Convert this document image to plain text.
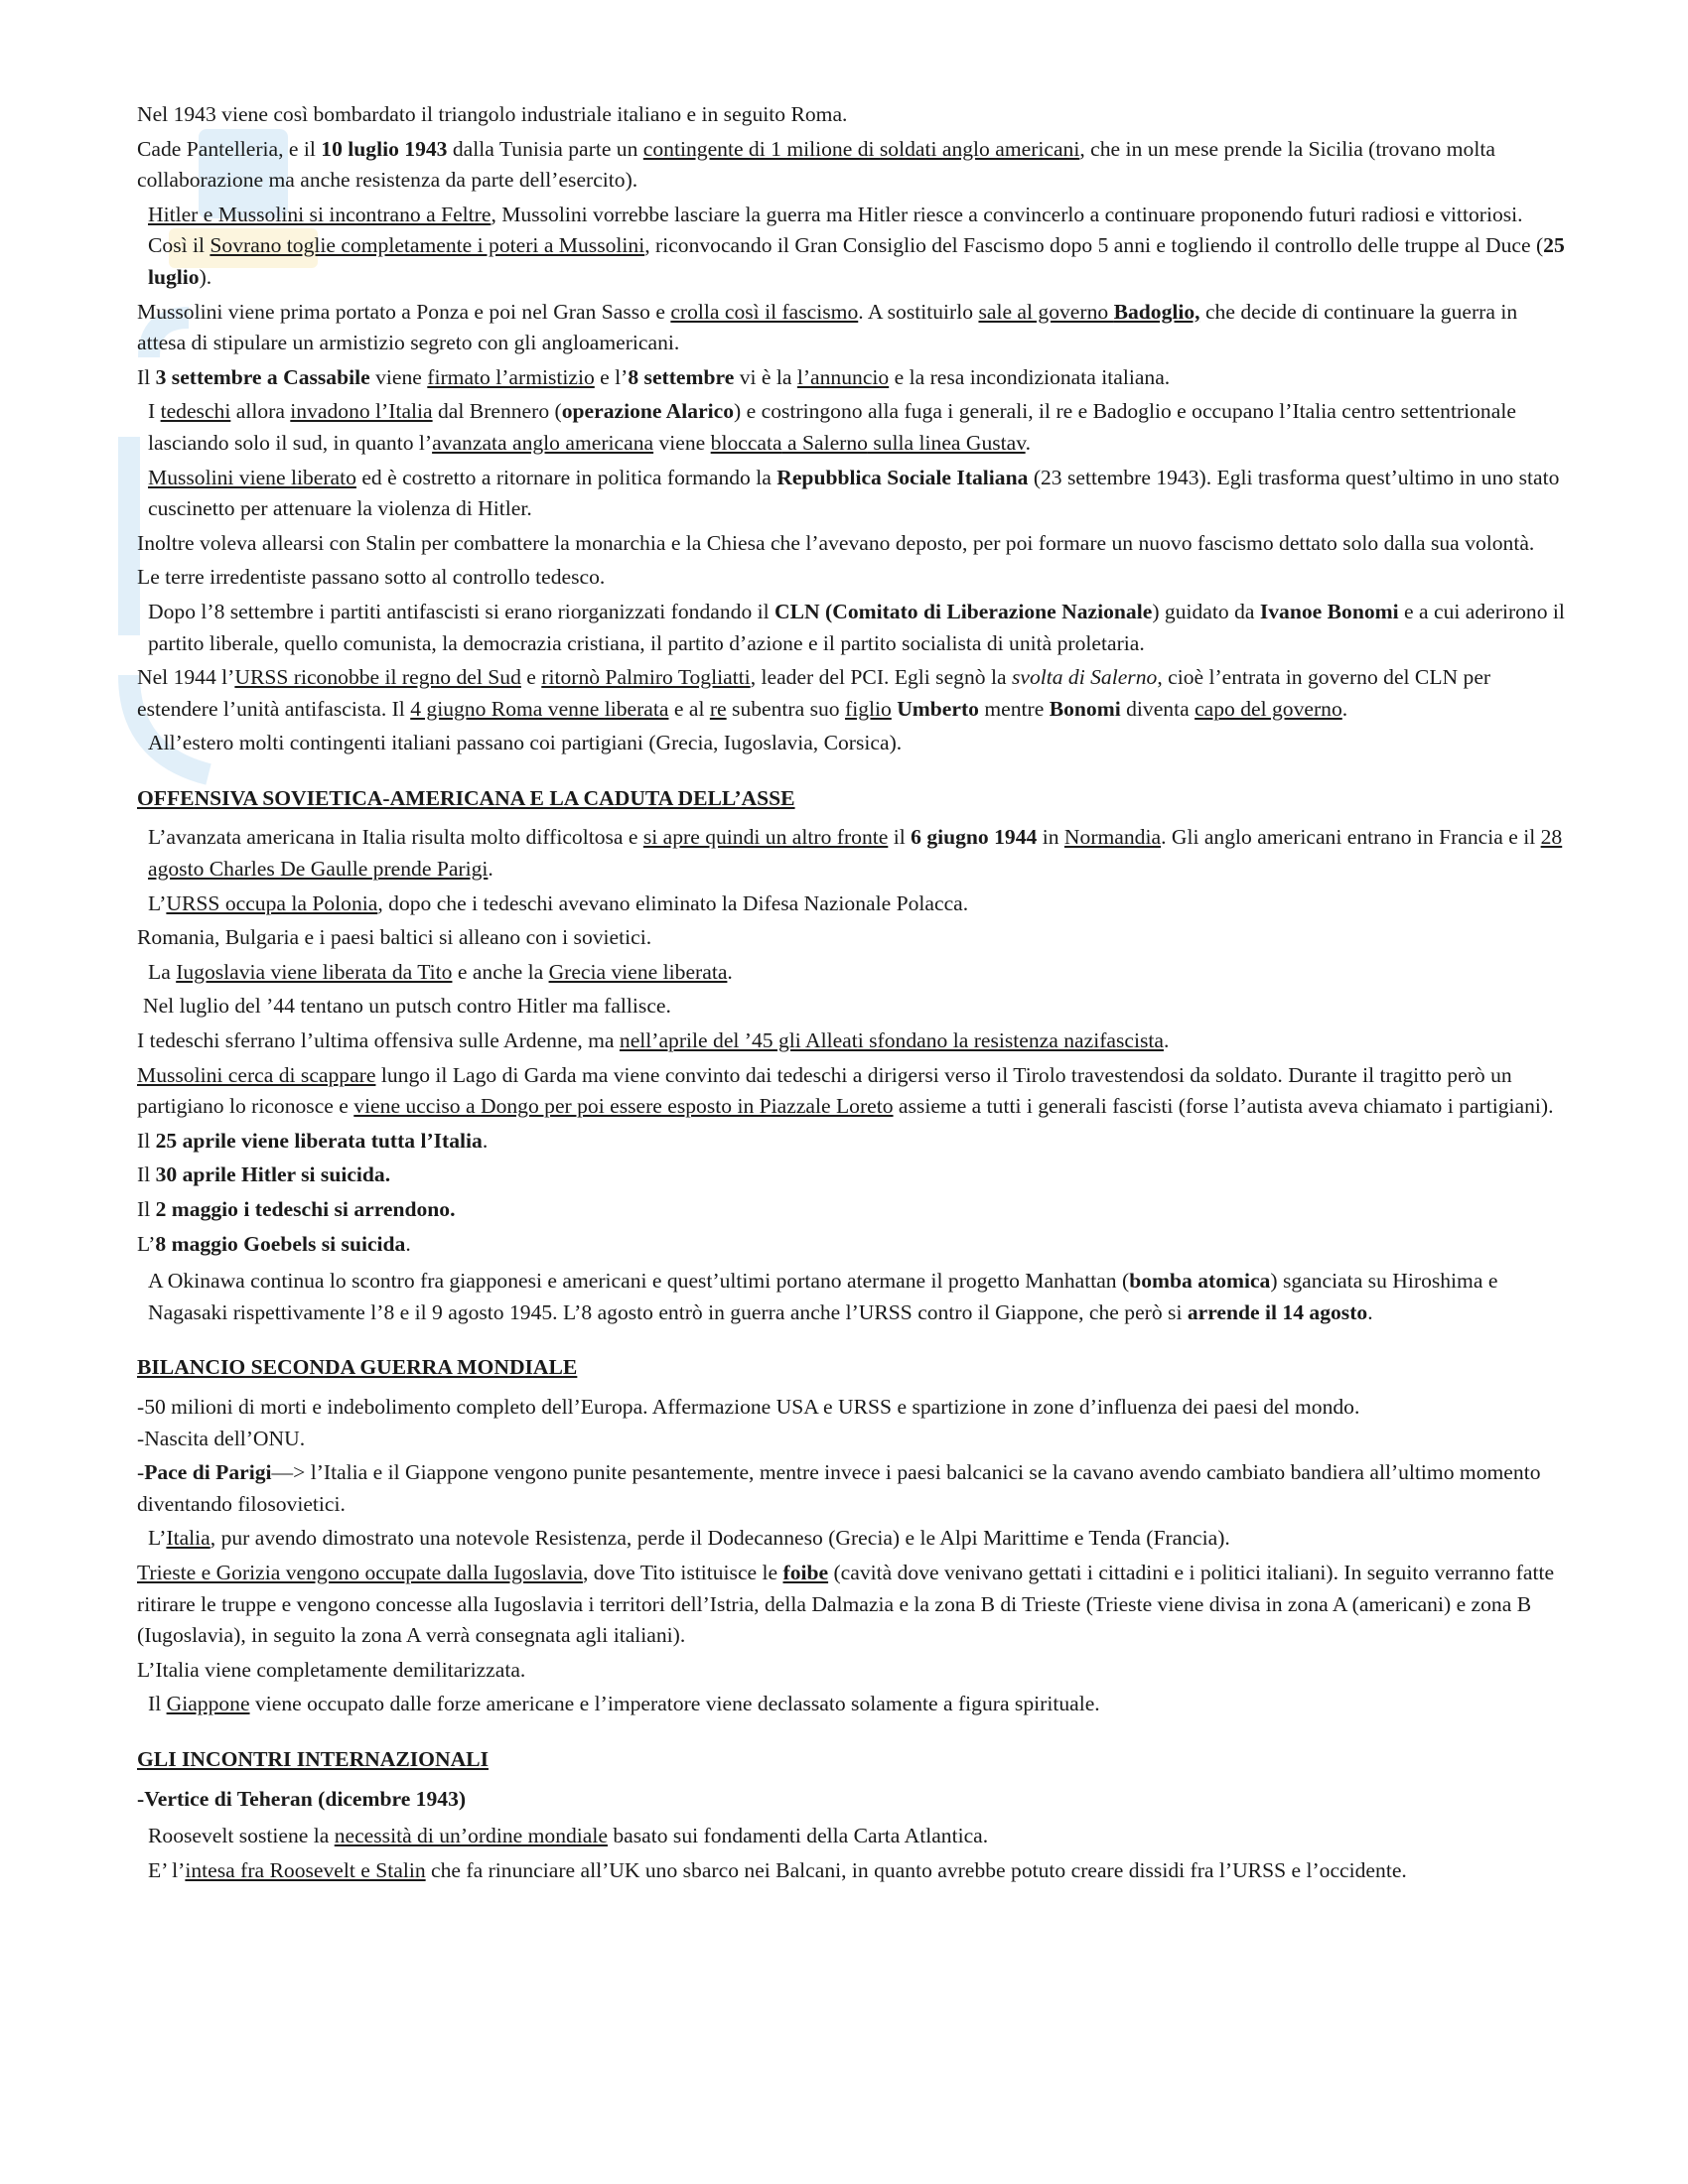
Nel 1943 viene così bombardato il triangolo industriale italiano e in seguito Roma.

Cade Pantelleria, e il 10 luglio 1943 dalla Tunisia parte un contingente di 1 milione di soldati anglo americani, che in un mese prende la Sicilia (trovano molta collaborazione ma anche resistenza da parte dell’esercito).

Hitler e Mussolini si incontrano a Feltre, Mussolini vorrebbe lasciare la guerra ma Hitler riesce a convincerlo a continuare proponendo futuri radiosi e vittoriosi. Così il Sovrano toglie completamente i poteri a Mussolini, riconvocando il Gran Consiglio del Fascismo dopo 5 anni e togliendo il controllo delle truppe al Duce (25 luglio).

Mussolini viene prima portato a Ponza e poi nel Gran Sasso e crolla così il fascismo. A sostituirlo sale al governo Badoglio, che decide di continuare la guerra in attesa di stipulare un armistizio segreto con gli angloamericani.

Il 3 settembre a Cassabile viene firmato l’armistizio e l’8 settembre vi è la l’annuncio e la resa incondizionata italiana.

I tedeschi allora invadono l’Italia dal Brennero (operazione Alarico) e costringono alla fuga i generali, il re e Badoglio e occupano l’Italia centro settentrionale lasciando solo il sud, in quanto l’avanzata anglo americana viene bloccata a Salerno sulla linea Gustav.

Mussolini viene liberato ed è costretto a ritornare in politica formando la Repubblica Sociale Italiana (23 settembre 1943). Egli trasforma quest’ultimo in uno stato cuscinetto per attenuare la violenza di Hitler.

Inoltre voleva allearsi con Stalin per combattere la monarchia e la Chiesa che l’avevano deposto, per poi formare un nuovo fascismo dettato solo dalla sua volontà.

Le terre irredentiste passano sotto al controllo tedesco.

Dopo l’8 settembre i partiti antifascisti si erano riorganizzati fondando il CLN (Comitato di Liberazione Nazionale) guidato da Ivanoe Bonomi e a cui aderirono il partito liberale, quello comunista, la democrazia cristiana, il partito d’azione e il partito socialista di unità proletaria.

Nel 1944 l’URSS riconobbe il regno del Sud e ritornò Palmiro Togliatti, leader del PCI. Egli segnò la svolta di Salerno, cioè l’entrata in governo del CLN per estendere l’unità antifascista. Il 4 giugno Roma venne liberata e al re subentra suo figlio Umberto mentre Bonomi diventa capo del governo.

All’estero molti contingenti italiani passano coi partigiani (Grecia, Iugoslavia, Corsica).

OFFENSIVA SOVIETICA-AMERICANA E LA CADUTA DELL’ASSE

L’avanzata americana in Italia risulta molto difficoltosa e si apre quindi un altro fronte il 6 giugno 1944 in Normandia. Gli anglo americani entrano in Francia e il 28 agosto Charles De Gaulle prende Parigi.

L’URSS occupa la Polonia, dopo che i tedeschi avevano eliminato la Difesa Nazionale Polacca.

Romania, Bulgaria e i paesi baltici si alleano con i sovietici.

La Iugoslavia viene liberata da Tito e anche la Grecia viene liberata.

Nel luglio del ’44 tentano un putsch contro Hitler ma fallisce.

I tedeschi sferrano l’ultima offensiva sulle Ardenne, ma nell’aprile del ’45 gli Alleati sfondano la resistenza nazifascista.

Mussolini cerca di scappare lungo il Lago di Garda ma viene convinto dai tedeschi a dirigersi verso il Tirolo travestendosi da soldato. Durante il tragitto però un partigiano lo riconosce e viene ucciso a Dongo per poi essere esposto in Piazzale Loreto assieme a tutti i generali fascisti (forse l’autista aveva chiamato i partigiani).

Il 25 aprile viene liberata tutta l’Italia.

Il 30 aprile Hitler si suicida.

Il 2 maggio i tedeschi si arrendono.

L’8 maggio Goebels si suicida.

A Okinawa continua lo scontro fra giapponesi e americani e quest’ultimi portano atermane il progetto Manhattan (bomba atomica) sganciata su Hiroshima e Nagasaki rispettivamente l’8 e il 9 agosto 1945. L’8 agosto entrò in guerra anche l’URSS contro il Giappone, che però si arrende il 14 agosto.

BILANCIO SECONDA GUERRA MONDIALE

-50 milioni di morti e indebolimento completo dell’Europa. Affermazione USA e URSS e spartizione in zone d’influenza dei paesi del mondo.

-Nascita dell’ONU.

-Pace di Parigi—> l’Italia e il Giappone vengono punite pesantemente, mentre invece i paesi balcanici se la cavano avendo cambiato bandiera all’ultimo momento diventando filosovietici.

L’Italia, pur avendo dimostrato una notevole Resistenza, perde il Dodecanneso (Grecia) e le Alpi Marittime e Tenda (Francia).

Trieste e Gorizia vengono occupate dalla Iugoslavia, dove Tito istituisce le foibe (cavità dove venivano gettati i cittadini e i politici italiani). In seguito verranno fatte ritirare le truppe e vengono concesse alla Iugoslavia i territori dell’Istria, della Dalmazia e la zona B di Trieste (Trieste viene divisa in zona A (americani) e zona B (Iugoslavia), in seguito la zona A verrà consegnata agli italiani).

L’Italia viene completamente demilitarizzata.

Il Giappone viene occupato dalle forze americane e l’imperatore viene declassato solamente a figura spirituale.

GLI INCONTRI INTERNAZIONALI
-Vertice di Teheran (dicembre 1943)

Roosevelt sostiene la necessità di un’ordine mondiale basato sui fondamenti della Carta Atlantica.

E’ l’intesa fra Roosevelt e Stalin che fa rinunciare all’UK uno sbarco nei Balcani, in quanto avrebbe potuto creare dissidi fra l’URSS e l’occidente.
